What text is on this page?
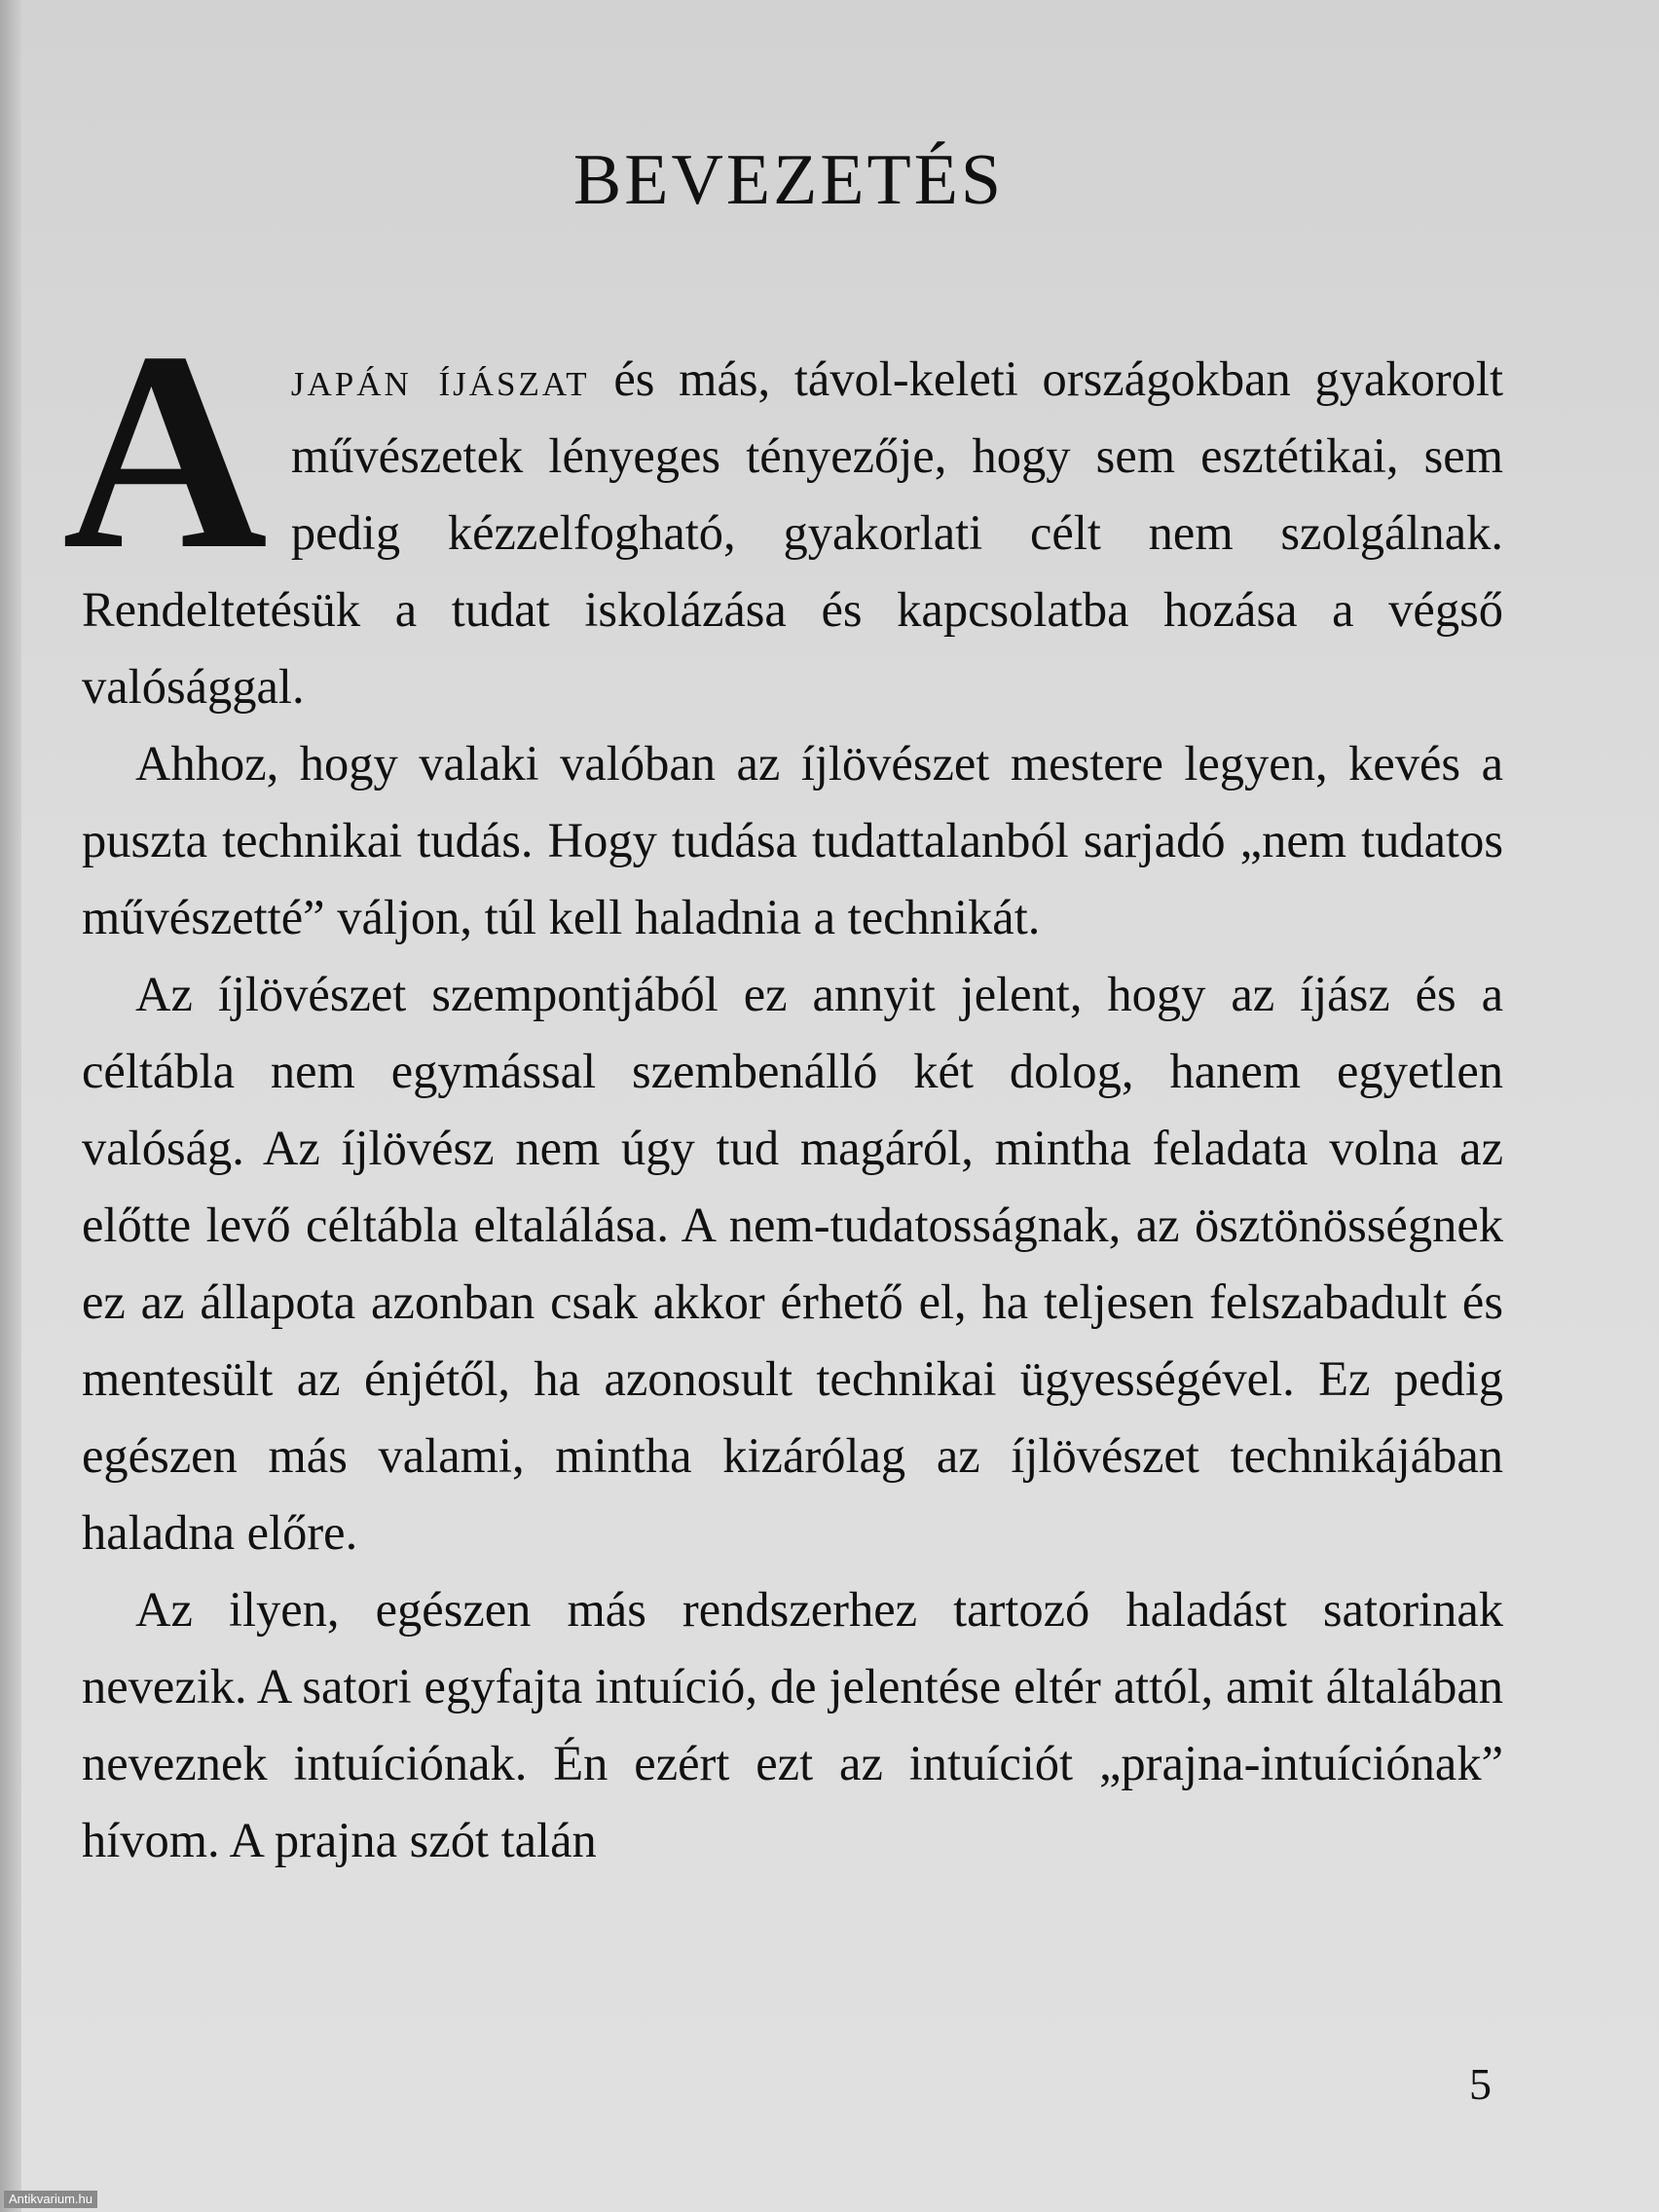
BEVEZETÉS

Ajapán íjászat és más, távol-keleti országokban gyakorolt művészetek lényeges tényezője, hogy sem esztétikai, sem pedig kézzelfogható, gyakorlati célt nem szolgálnak. Rendeltetésük a tudat iskolázása és kapcsolatba hozása a végső valósággal.

Ahhoz, hogy valaki valóban az íjlövészet mestere legyen, kevés a puszta technikai tudás. Hogy tudása tudattalanból sarjadó „nem tudatos művészetté” váljon, túl kell haladnia a technikát.

Az íjlövészet szempontjából ez annyit jelent, hogy az íjász és a céltábla nem egymással szembenálló két dolog, hanem egyetlen valóság. Az íjlövész nem úgy tud magáról, mintha feladata volna az előtte levő céltábla eltalálása. A nem-tudatosságnak, az ösztönösségnek ez az állapota azonban csak akkor érhető el, ha teljesen felszabadult és mentesült az énjétől, ha azonosult technikai ügyességével. Ez pedig egészen más valami, mintha kizárólag az íjlövészet technikájában haladna előre.

Az ilyen, egészen más rendszerhez tartozó haladást satorinak nevezik. A satori egyfajta intuíció, de jelentése eltér attól, amit általában neveznek intuíciónak. Én ezért ezt az intuíciót „prajna-intuíciónak” hívom. A prajna szót talán

5
Antikvarium.hu
